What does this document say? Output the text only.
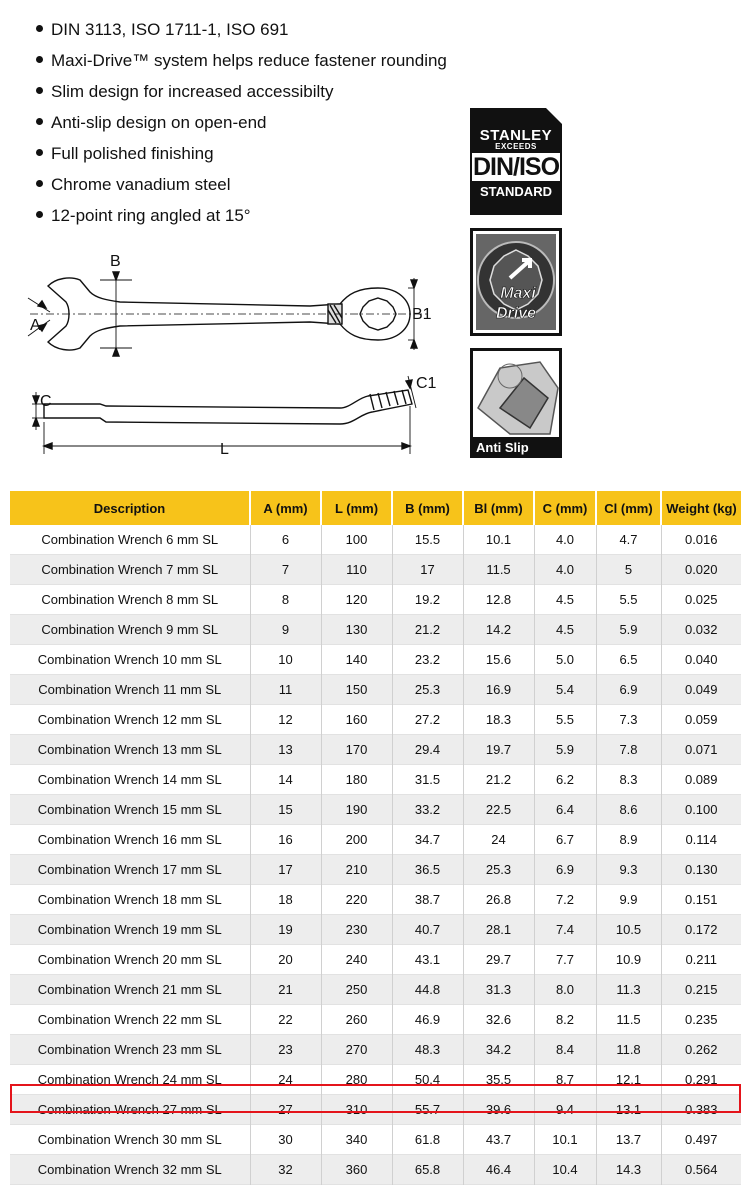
DIN 3113, ISO 1711-1, ISO 691
Maxi-Drive™ system helps reduce fastener rounding
Slim design for increased accessibilty
Anti-slip design on open-end
Full polished finishing
Chrome vanadium steel
12-point ring angled at 15°
B
A
B1
C
C1
L
STANLEY
EXCEEDS
DIN/ISO
STANDARD
Maxi
Drive
Anti Slip
Description	A (mm)	L (mm)	B (mm)	Bl (mm)	C (mm)	Cl (mm)	Weight (kg)
Combination Wrench 6 mm SL	6	100	15.5	10.1	4.0	4.7	0.016
Combination Wrench 7 mm SL	7	110	17	11.5	4.0	5	0.020
Combination Wrench 8 mm SL	8	120	19.2	12.8	4.5	5.5	0.025
Combination Wrench 9 mm SL	9	130	21.2	14.2	4.5	5.9	0.032
Combination Wrench 10 mm SL	10	140	23.2	15.6	5.0	6.5	0.040
Combination Wrench 11 mm SL	11	150	25.3	16.9	5.4	6.9	0.049
Combination Wrench 12 mm SL	12	160	27.2	18.3	5.5	7.3	0.059
Combination Wrench 13 mm SL	13	170	29.4	19.7	5.9	7.8	0.071
Combination Wrench 14 mm SL	14	180	31.5	21.2	6.2	8.3	0.089
Combination Wrench 15 mm SL	15	190	33.2	22.5	6.4	8.6	0.100
Combination Wrench 16 mm SL	16	200	34.7	24	6.7	8.9	0.114
Combination Wrench 17 mm SL	17	210	36.5	25.3	6.9	9.3	0.130
Combination Wrench 18 mm SL	18	220	38.7	26.8	7.2	9.9	0.151
Combination Wrench 19 mm SL	19	230	40.7	28.1	7.4	10.5	0.172
Combination Wrench 20 mm SL	20	240	43.1	29.7	7.7	10.9	0.211
Combination Wrench 21 mm SL	21	250	44.8	31.3	8.0	11.3	0.215
Combination Wrench 22 mm SL	22	260	46.9	32.6	8.2	11.5	0.235
Combination Wrench 23 mm SL	23	270	48.3	34.2	8.4	11.8	0.262
Combination Wrench 24 mm SL	24	280	50.4	35.5	8.7	12.1	0.291
Combination Wrench 27 mm SL	27	310	55.7	39.6	9.4	13.1	0.383
Combination Wrench 30 mm SL	30	340	61.8	43.7	10.1	13.7	0.497
Combination Wrench 32 mm SL	32	360	65.8	46.4	10.4	14.3	0.564
